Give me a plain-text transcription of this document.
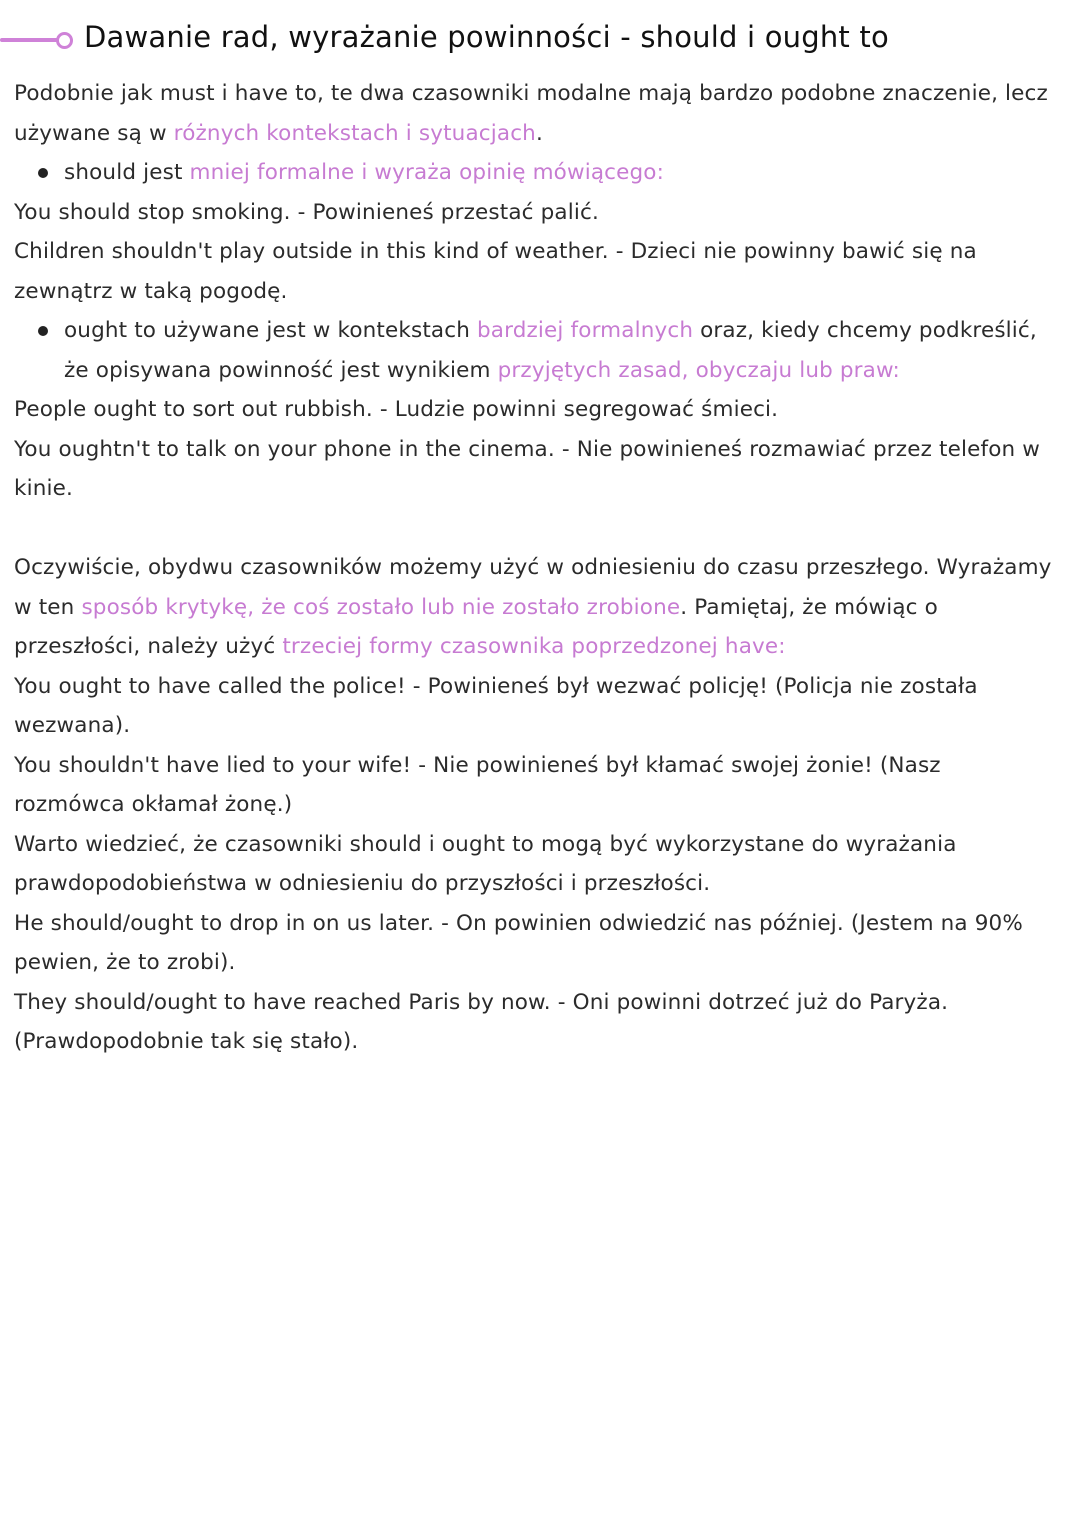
Dawanie rad, wyrażanie powinności - should i ought to

Podobnie jak must i have to, te dwa czasowniki modalne mają bardzo podobne znaczenie, lecz używane są w różnych kontekstach i sytuacjach.

should jest mniej formalne i wyraża opinię mówiącego:

You should stop smoking. - Powinieneś przestać palić.

Children shouldn't play outside in this kind of weather. - Dzieci nie powinny bawić się na zewnątrz w taką pogodę.

ought to używane jest w kontekstach bardziej formalnych oraz, kiedy chcemy podkreślić, że opisywana powinność jest wynikiem przyjętych zasad, obyczaju lub praw:

People ought to sort out rubbish. - Ludzie powinni segregować śmieci.

You oughtn't to talk on your phone in the cinema. - Nie powinieneś rozmawiać przez telefon w kinie.

Oczywiście, obydwu czasowników możemy użyć w odniesieniu do czasu przeszłego. Wyrażamy w ten sposób krytykę, że coś zostało lub nie zostało zrobione. Pamiętaj, że mówiąc o przeszłości, należy użyć trzeciej formy czasownika poprzedzonej have:

You ought to have called the police! - Powinieneś był wezwać policję! (Policja nie została wezwana).

You shouldn't have lied to your wife! - Nie powinieneś był kłamać swojej żonie! (Nasz rozmówca okłamał żonę.)

Warto wiedzieć, że czasowniki should i ought to mogą być wykorzystane do wyrażania prawdopodobieństwa w odniesieniu do przyszłości i przeszłości.

He should/ought to drop in on us later. - On powinien odwiedzić nas później. (Jestem na 90% pewien, że to zrobi).

They should/ought to have reached Paris by now. - Oni powinni dotrzeć już do Paryża. (Prawdopodobnie tak się stało).
